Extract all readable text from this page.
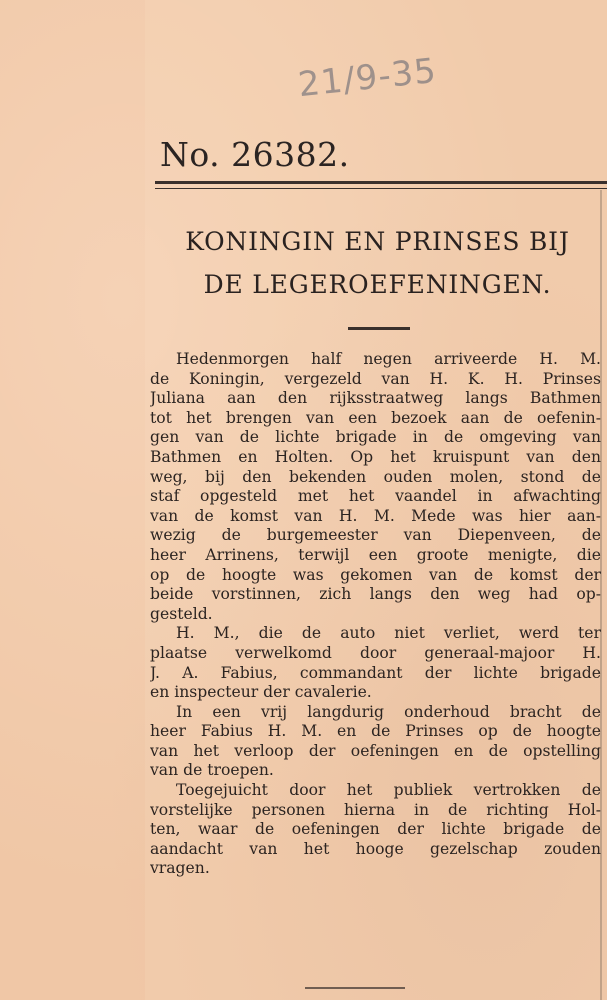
21/9-35
No. 26382.
KONINGIN EN PRINSES BIJ
DE LEGEROEFENINGEN.
Hedenmorgen half negen arriveerde H. M.
de Koningin, vergezeld van H. K. H. Prinses
Juliana aan den rijksstraatweg langs Bathmen
tot het brengen van een bezoek aan de oefenin-
gen van de lichte brigade in de omgeving van
Bathmen en Holten. Op het kruispunt van den
weg, bij den bekenden ouden molen, stond de
staf opgesteld met het vaandel in afwachting
van de komst van H. M. Mede was hier aan-
wezig de burgemeester van Diepenveen, de
heer Arrinens, terwijl een groote menigte, die
op de hoogte was gekomen van de komst der
beide vorstinnen, zich langs den weg had op-
gesteld.
H. M., die de auto niet verliet, werd ter
plaatse verwelkomd door generaal-majoor H.
J. A. Fabius, commandant der lichte brigade
en inspecteur der cavalerie.
In een vrij langdurig onderhoud bracht de
heer Fabius H. M. en de Prinses op de hoogte
van het verloop der oefeningen en de opstelling
van de troepen.
Toegejuicht door het publiek vertrokken de
vorstelijke personen hierna in de richting Hol-
ten, waar de oefeningen der lichte brigade de
aandacht van het hooge gezelschap zouden
vragen.
